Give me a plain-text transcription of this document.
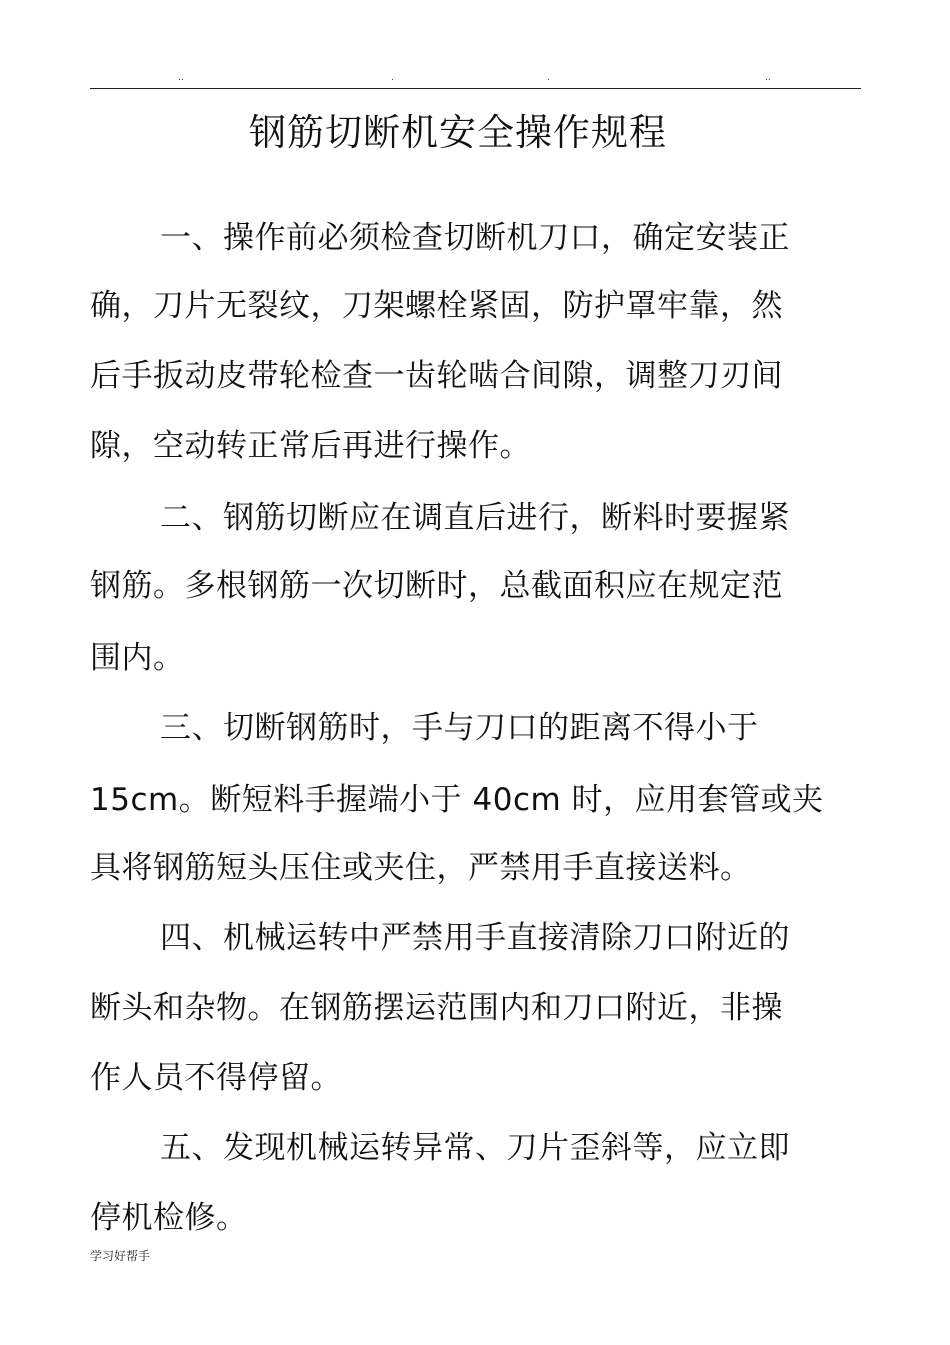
..	.	.	..
钢筋切断机安全操作规程
一、操作前必须检查切断机刀口，确定安装正
确，刀片无裂纹，刀架螺栓紧固，防护罩牢靠，然
后手扳动皮带轮检查一齿轮啮合间隙，调整刀刃间
隙，空动转正常后再进行操作。
二、钢筋切断应在调直后进行，断料时要握紧
钢筋。多根钢筋一次切断时，总截面积应在规定范
围内。
三、切断钢筋时，手与刀口的距离不得小于
15cm。断短料手握端小于 40cm 时，应用套管或夹
具将钢筋短头压住或夹住，严禁用手直接送料。
四、机械运转中严禁用手直接清除刀口附近的
断头和杂物。在钢筋摆运范围内和刀口附近，非操
作人员不得停留。
五、发现机械运转异常、刀片歪斜等，应立即
停机检修。
学习好帮手
